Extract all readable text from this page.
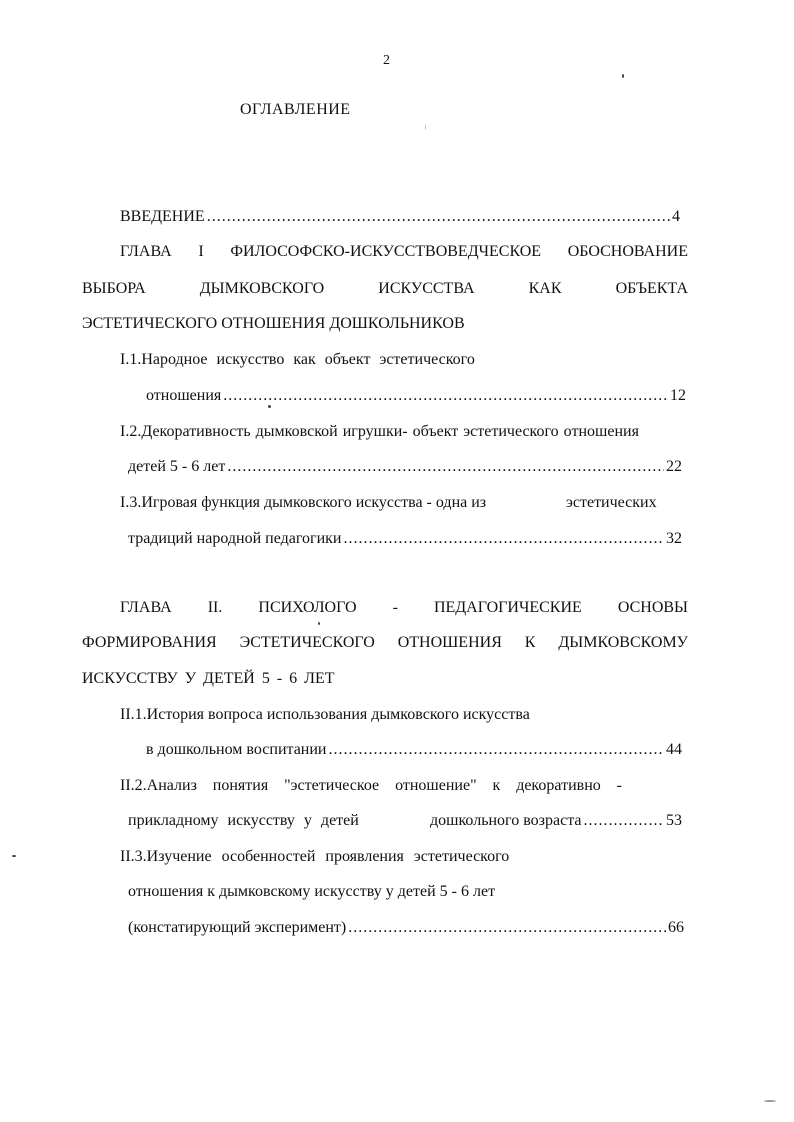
2
ОГЛАВЛЕНИЕ
ВВЕДЕНИЕ .....	4
ГЛАВА I ФИЛОСОФСКО-ИСКУССТВОВЕДЧЕСКОЕ ОБОСНОВАНИЕ
ВЫБОРА ДЫМКОВСКОГО ИСКУССТВА КАК ОБЪЕКТА
ЭСТЕТИЧЕСКОГО ОТНОШЕНИЯ ДОШКОЛЬНИКОВ
I.1.Народное искусство как объект эстетического
отношения .....	12
I.2.Декоративность дымковской игрушки- объект эстетического отношения
детей 5 - 6 лет .....	22
I.3.Игровая функция дымковского искусства - одна из	эстетических
традиций народной педагогики .....	32
ГЛАВА II. ПСИХОЛОГО - ПЕДАГОГИЧЕСКИЕ ОСНОВЫ
ФОРМИРОВАНИЯ ЭСТЕТИЧЕСКОГО ОТНОШЕНИЯ К ДЫМКОВСКОМУ
ИСКУССТВУ У ДЕТЕЙ 5 - 6 ЛЕТ
II.1.История вопроса использования дымковского искусства
в дошкольном воспитании .....	44
II.2.Анализ понятия "эстетическое отношение" к декоративно -
прикладному искусству у детей	дошкольного возраста .....	53
II.3.Изучение особенностей проявления эстетического
отношения к дымковскому искусству у детей 5 - 6 лет
(констатирующий эксперимент) .....	66
